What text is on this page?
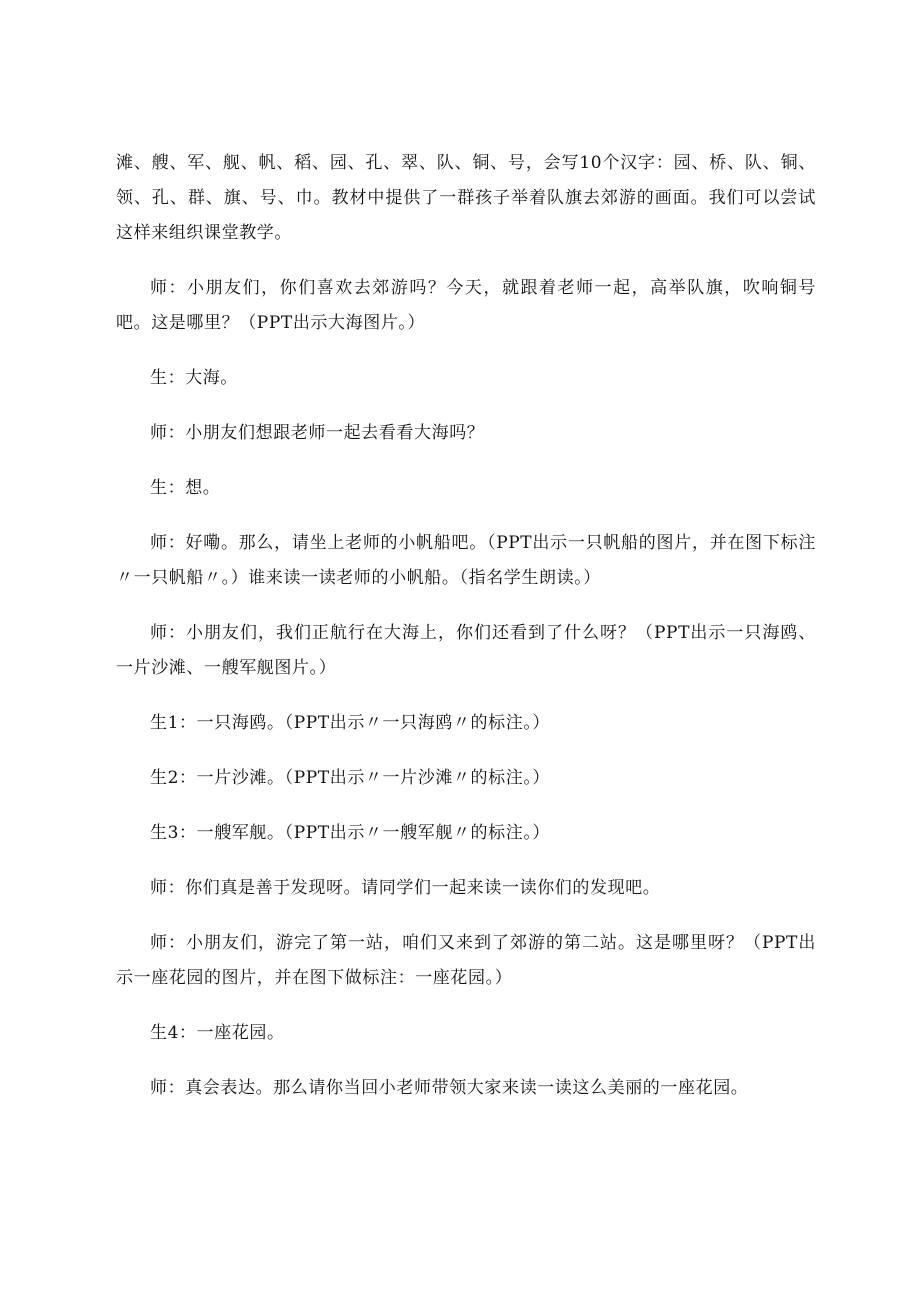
滩、艘、军、舰、帆、稻、园、孔、翠、队、铜、号，会写10个汉字：园、桥、队、铜、领、孔、群、旗、号、巾。教材中提供了一群孩子举着队旗去郊游的画面。我们可以尝试这样来组织课堂教学。

师：小朋友们，你们喜欢去郊游吗？今天，就跟着老师一起，高举队旗，吹响铜号吧。这是哪里？（PPT出示大海图片。）

生：大海。

师：小朋友们想跟老师一起去看看大海吗？

生：想。

师：好嘞。那么，请坐上老师的小帆船吧。（PPT出示一只帆船的图片，并在图下标注〃一只帆船〃。）谁来读一读老师的小帆船。（指名学生朗读。）

师：小朋友们，我们正航行在大海上，你们还看到了什么呀？（PPT出示一只海鸥、一片沙滩、一艘军舰图片。）

生1：一只海鸥。（PPT出示〃一只海鸥〃的标注。）

生2：一片沙滩。（PPT出示〃一片沙滩〃的标注。）

生3：一艘军舰。（PPT出示〃一艘军舰〃的标注。）

师：你们真是善于发现呀。请同学们一起来读一读你们的发现吧。

师：小朋友们，游完了第一站，咱们又来到了郊游的第二站。这是哪里呀？（PPT出示一座花园的图片，并在图下做标注：一座花园。）

生4：一座花园。

师：真会表达。那么请你当回小老师带领大家来读一读这么美丽的一座花园。
